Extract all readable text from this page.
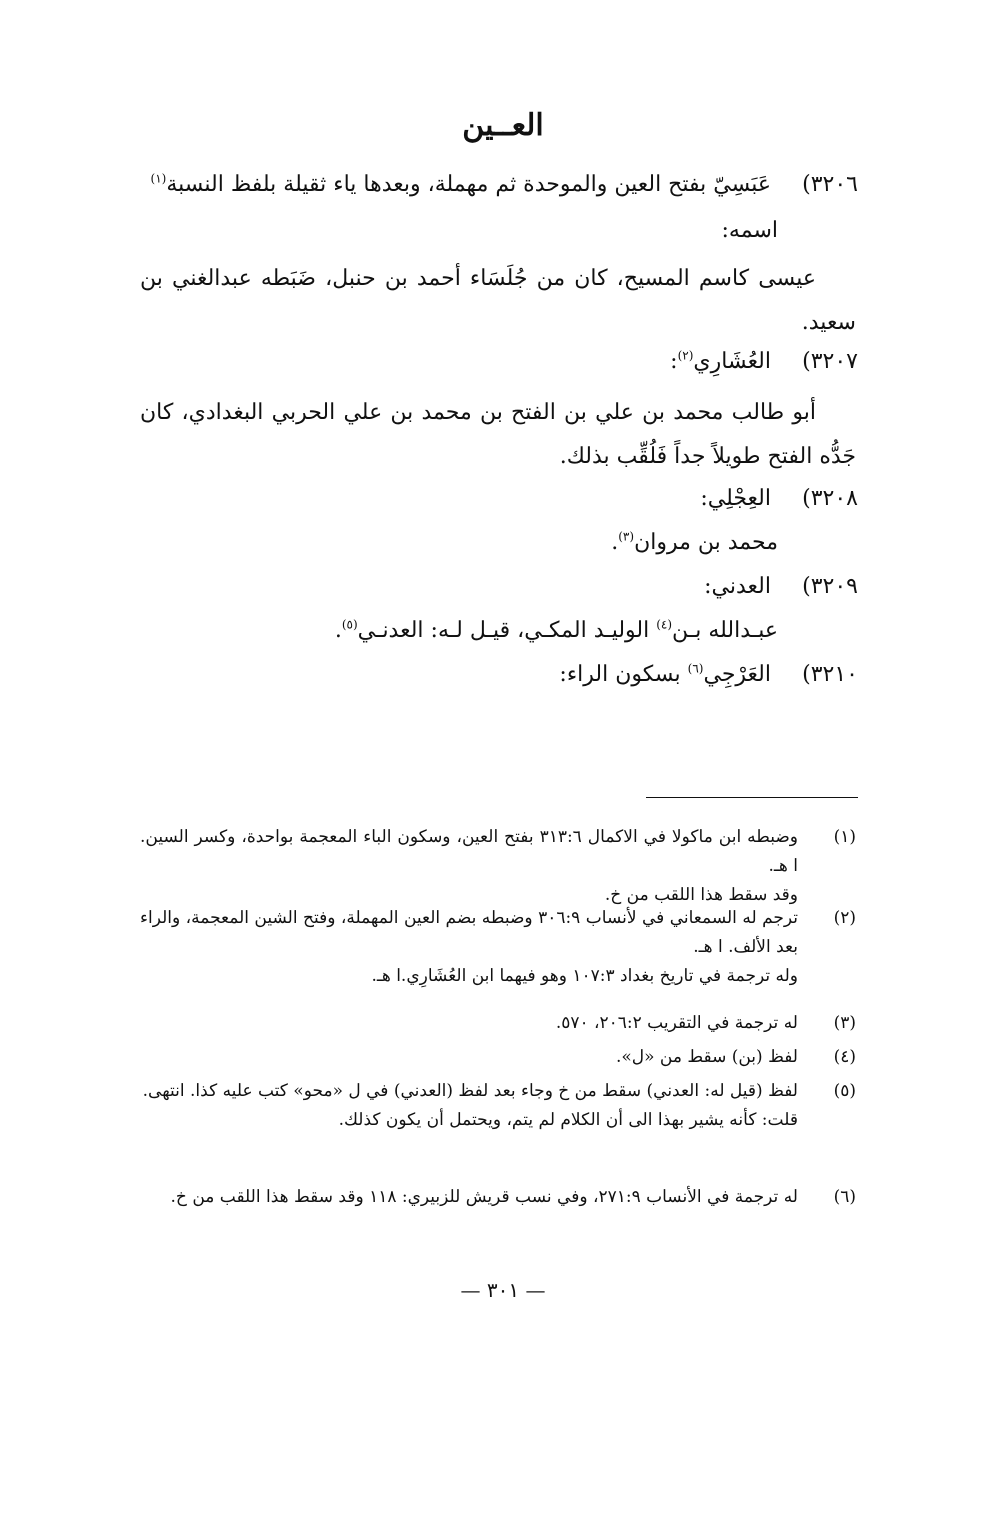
العــين
٣٢٠٦) عَبَسِيّ بفتح العين والموحدة ثم مهملة، وبعدها ياء ثقيلة بلفظ النسبة$^{(١)}$
اسمه:
عيسى كاسم المسيح، كان من جُلَسَاء أحمد بن حنبل، ضَبَطه عبدالغني بن سعيد.
٣٢٠٧) العُشَارِي$^{(٢)}$:
أبو طالب محمد بن علي بن الفتح بن محمد بن علي الحربي البغدادي، كان جَدُّه الفتح طويلاً جداً فَلُقِّب بذلك.
٣٢٠٨) العِجْلِي:
محمد بن مروان$^{(٣)}$.
٣٢٠٩) العدني:
عبـدالله بـن$^{(٤)}$ الوليـد المكـي، قيـل لـه: العدنـي$^{(٥)}$.
٣٢١٠) العَرْجِي$^{(٦)}$ بسكون الراء:
(١)
وضبطه ابن ماكولا في الاكمال ٣١٣:٦ بفتح العين، وسكون الباء المعجمة بواحدة، وكسر السين. ا هـ.
وقد سقط هذا اللقب من خ.
(٢)
ترجم له السمعاني في لأنساب ٣٠٦:٩ وضبطه بضم العين المهملة، وفتح الشين المعجمة، والراء بعد الألف. ا هـ.
وله ترجمة في تاريخ بغداد ١٠٧:٣ وهو فيهما ابن العُشَارِي.ا هـ.
(٣)
له ترجمة في التقريب ٢٠٦:٢، ٥٧٠.
(٤)
لفظ (بن) سقط من «ل».
(٥)
لفظ (قيل له: العدني) سقط من خ وجاء بعد لفظ (العدني) في ل «محو» كتب عليه كذا. انتهى.
قلت: كأنه يشير بهذا الى أن الكلام لم يتم، ويحتمل أن يكون كذلك.
(٦)
له ترجمة في الأنساب ٢٧١:٩، وفي نسب قريش للزبيري: ١١٨ وقد سقط هذا اللقب من خ.
— ٣٠١ —
